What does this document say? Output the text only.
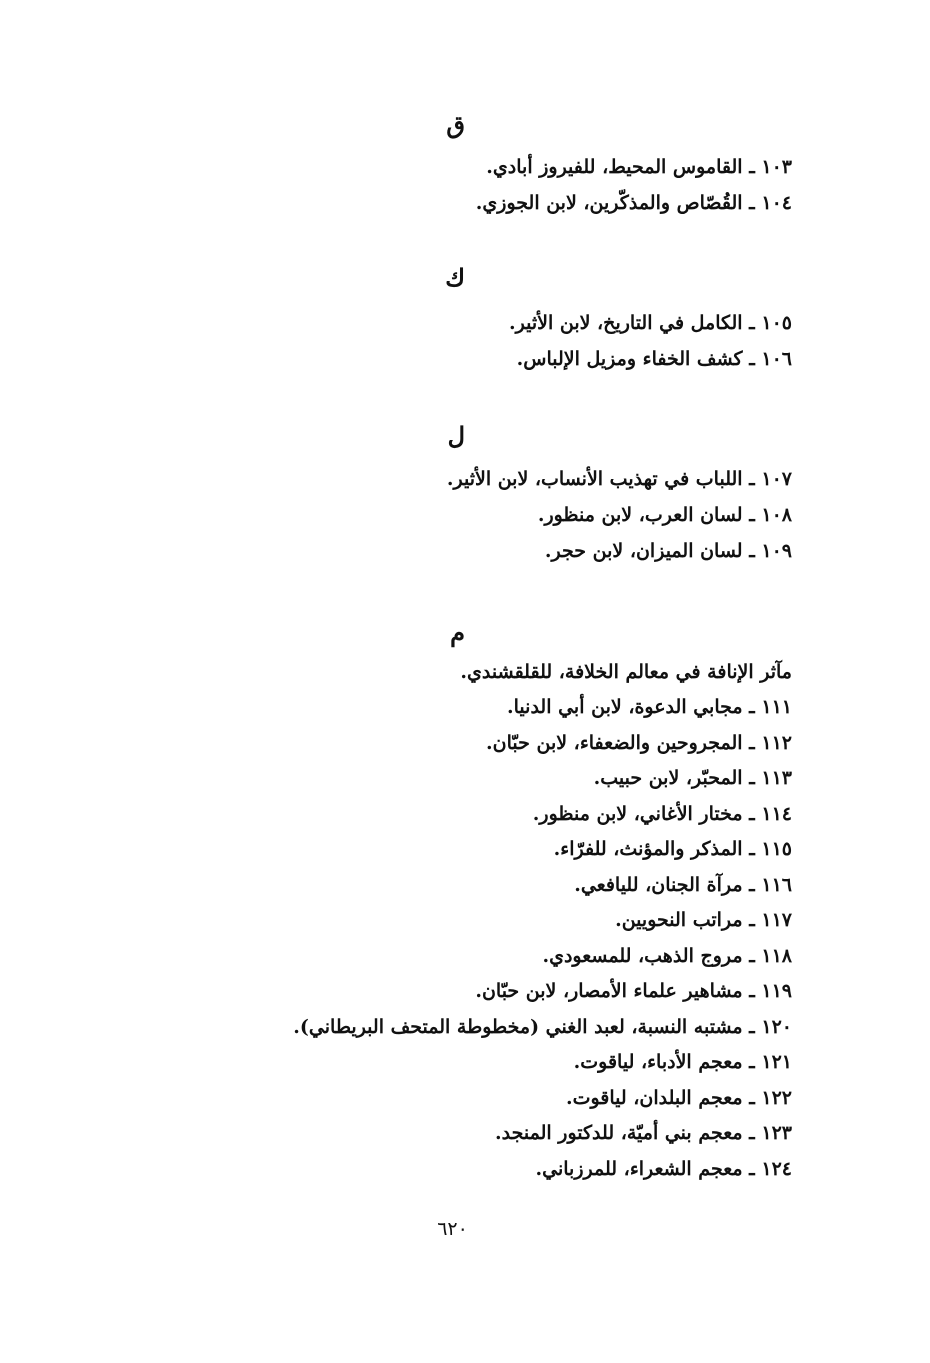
ق
١٠٣ ـ القاموس المحيط، للفيروز أبادي.
١٠٤ ـ القُصّاص والمذكّرين، لابن الجوزي.
ك
١٠٥ ـ الكامل في التاريخ، لابن الأثير.
١٠٦ ـ كشف الخفاء ومزيل الإلباس.
ل
١٠٧ ـ اللباب في تهذيب الأنساب، لابن الأثير.
١٠٨ ـ لسان العرب، لابن منظور.
١٠٩ ـ لسان الميزان، لابن حجر.
م
مآثر الإنافة في معالم الخلافة، للقلقشندي.
١١١ ـ مجابي الدعوة، لابن أبي الدنيا.
١١٢ ـ المجروحين والضعفاء، لابن حبّان.
١١٣ ـ المحبّر، لابن حبيب.
١١٤ ـ مختار الأغاني، لابن منظور.
١١٥ ـ المذكر والمؤنث، للفرّاء.
١١٦ ـ مرآة الجنان، لليافعي.
١١٧ ـ مراتب النحويين.
١١٨ ـ مروج الذهب، للمسعودي.
١١٩ ـ مشاهير علماء الأمصار، لابن حبّان.
١٢٠ ـ مشتبه النسبة، لعبد الغني (مخطوطة المتحف البريطاني).
١٢١ ـ معجم الأدباء، لياقوت.
١٢٢ ـ معجم البلدان، لياقوت.
١٢٣ ـ معجم بني أميّة، للدكتور المنجد.
١٢٤ ـ معجم الشعراء، للمرزباني.
٦٢٠
